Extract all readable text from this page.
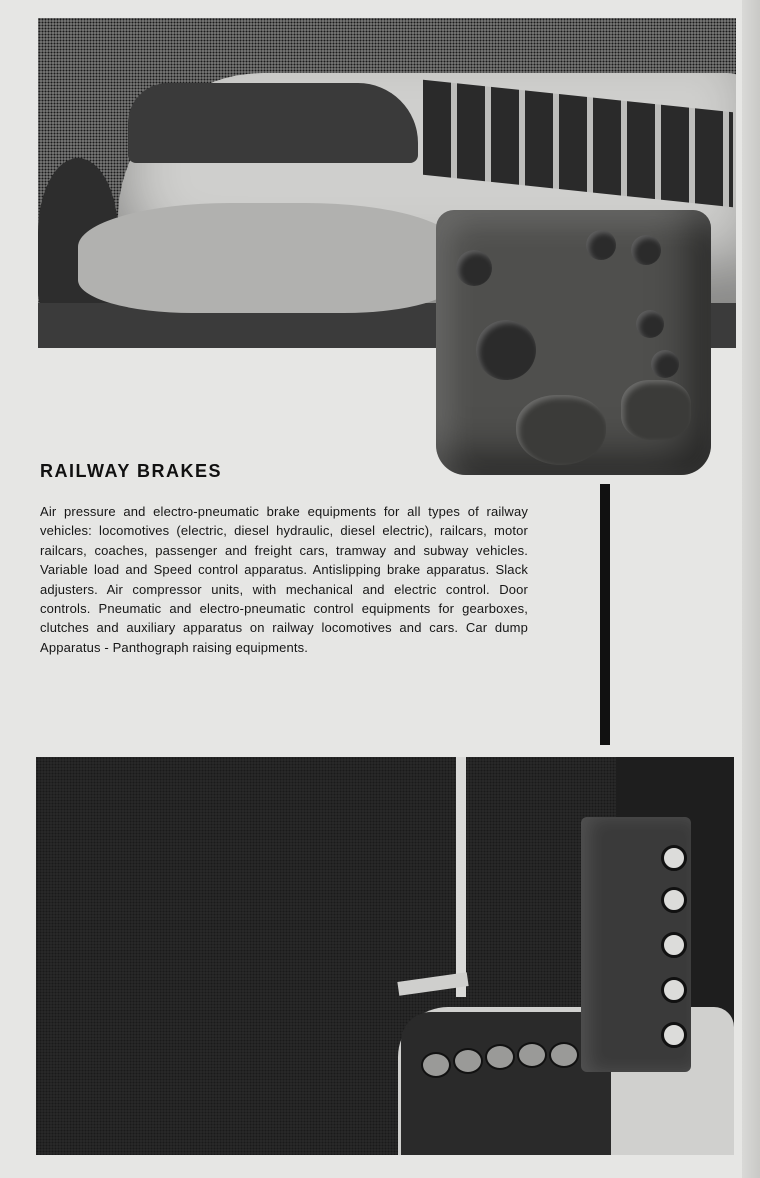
RAILWAY BRAKES

Air pressure and electro-pneumatic brake equipments for all types of railway vehicles: locomotives (electric, diesel hydraulic, diesel electric), railcars, motor railcars, coaches, passenger and freight cars, tramway and subway vehicles. Variable load and Speed control apparatus. Antislipping brake apparatus. Slack adjusters. Air compressor units, with mechanical and electric control. Door controls. Pneumatic and electro-pneumatic control equipments for gearboxes, clutches and auxiliary apparatus on railway locomotives and cars. Car dump Apparatus - Panthograph raising equipments.
